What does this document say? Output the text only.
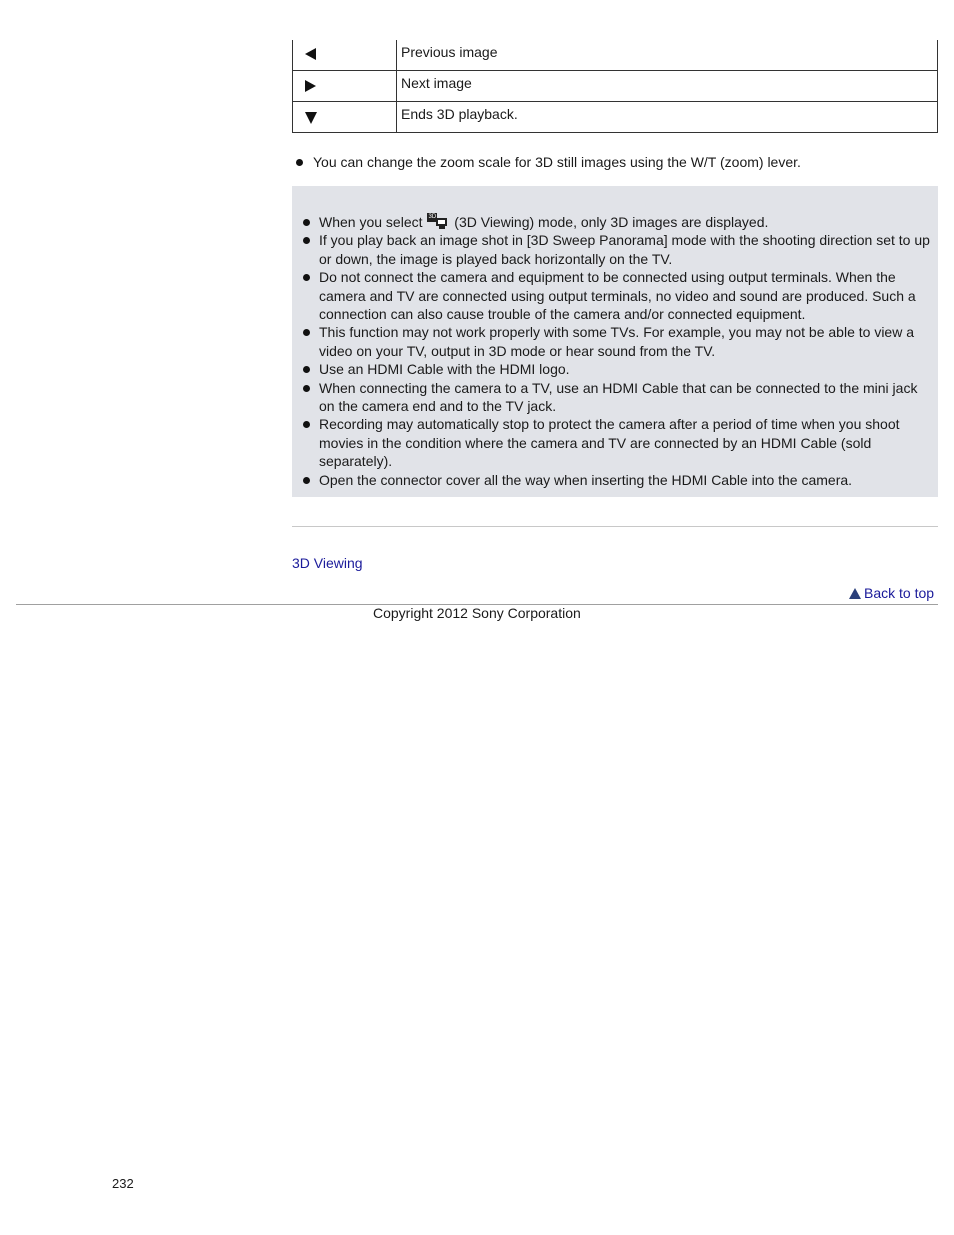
	Previous image

	Next image

	Ends 3D playback.
You can change the zoom scale for 3D still images using the W/T (zoom) lever.
When you select 3D (3D Viewing) mode, only 3D images are displayed.
If you play back an image shot in [3D Sweep Panorama] mode with the shooting direction set to up or down, the image is played back horizontally on the TV.
Do not connect the camera and equipment to be connected using output terminals. When the camera and TV are connected using output terminals, no video and sound are produced. Such a connection can also cause trouble of the camera and/or connected equipment.
This function may not work properly with some TVs. For example, you may not be able to view a video on your TV, output in 3D mode or hear sound from the TV.
Use an HDMI Cable with the HDMI logo.
When connecting the camera to a TV, use an HDMI Cable that can be connected to the mini jack on the camera end and to the TV jack.
Recording may automatically stop to protect the camera after a period of time when you shoot movies in the condition where the camera and TV are connected by an HDMI Cable (sold separately).
Open the connector cover all the way when inserting the HDMI Cable into the camera.
3D Viewing
Back to top
Copyright 2012 Sony Corporation
232
